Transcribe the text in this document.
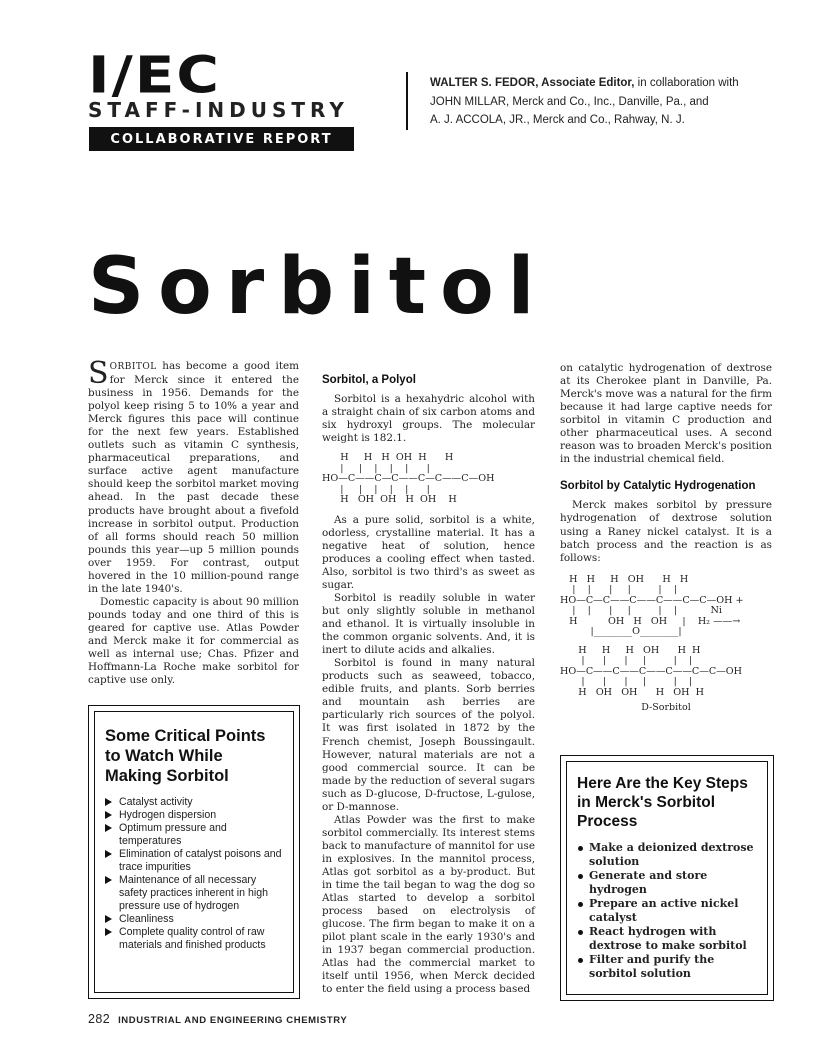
I/EC
STAFF-INDUSTRY
COLLABORATIVE REPORT
WALTER S. FEDOR, Associate Editor, in collaboration with
JOHN MILLAR, Merck and Co., Inc., Danville, Pa., and
A. J. ACCOLA, JR., Merck and Co., Rahway, N. J.
Sorbitol

SORBITOL has become a good item for Merck since it entered the business in 1956. Demands for the polyol keep rising 5 to 10% a year and Merck figures this pace will continue for the next few years. Established outlets such as vitamin C synthesis, pharmaceutical preparations, and surface active agent manufacture should keep the sorbitol market moving ahead. In the past decade these products have brought about a fivefold increase in sorbitol output. Production of all forms should reach 50 million pounds this year—up 5 million pounds over 1959. For contrast, output hovered in the 10 million-pound range in the late 1940's.

Domestic capacity is about 90 million pounds today and one third of this is geared for captive use. Atlas Powder and Merck make it for commercial as well as internal use; Chas. Pfizer and Hoffmann-La Roche make sorbitol for captive use only.

Some Critical Points to Watch While Making Sorbitol
Catalyst activity
Hydrogen dispersion
Optimum pressure and temperatures
Elimination of catalyst poisons and trace impurities
Maintenance of all necessary safety practices inherent in high pressure use of hydrogen
Cleanliness
Complete quality control of raw materials and finished products
Sorbitol, a Polyol

Sorbitol is a hexahydric alcohol with a straight chain of six carbon atoms and six hydroxyl groups. The molecular weight is 182.1.

H     H   H  OH  H      H
|     |    |    |    |      |
HO—C——C—C——C—C——C—OH
|     |    |    |    |      |
H   OH  OH   H  OH    H

As a pure solid, sorbitol is a white, odorless, crystalline material. It has a negative heat of solution, hence produces a cooling effect when tasted. Also, sorbitol is two third's as sweet as sugar.

Sorbitol is readily soluble in water but only slightly soluble in methanol and ethanol. It is virtually insoluble in the common organic solvents. And, it is inert to dilute acids and alkalies.

Sorbitol is found in many natural products such as seaweed, tobacco, edible fruits, and plants. Sorb berries and mountain ash berries are particularly rich sources of the polyol. It was first isolated in 1872 by the French chemist, Joseph Boussingault. However, natural materials are not a good commercial source. It can be made by the reduction of several sugars such as D-glucose, D-fructose, L-gulose, or D-mannose.

Atlas Powder was the first to make sorbitol commercially. Its interest stems back to manufacture of mannitol for use in explosives. In the mannitol process, Atlas got sorbitol as a by-product. But in time the tail began to wag the dog so Atlas started to develop a sorbitol process based on electrolysis of glucose. The firm began to make it on a pilot plant scale in the early 1930's and in 1937 began commercial production. Atlas had the commercial market to itself until 1956, when Merck decided to enter the field using a process based

on catalytic hydrogenation of dextrose at its Cherokee plant in Danville, Pa. Merck's move was a natural for the firm because it had large captive needs for sorbitol in vitamin C production and other pharmaceutical uses. A second reason was to broaden Merck's position in the industrial chemical field.

Sorbitol by Catalytic Hydrogenation

Merck makes sorbitol by pressure hydrogenation of dextrose solution using a Raney nickel catalyst. It is a batch process and the reaction is as follows:

H   H     H   OH      H   H
|    |      |     |         |    |
HO—C—C——C——C——C—C—OH +
|    |      |     |         |    |           Ni
H          OH   H   OH     |    H₂ ——→
|________O________|
H     H     H   OH      H  H
|      |      |     |         |    |
HO—C——C——C——C——C—C—OH
|      |      |     |         |    |
H   OH   OH      H   OH  H
D-Sorbitol
Here Are the Key Steps in Merck's Sorbitol Process
Make a deionized dextrose solution
Generate and store hydrogen
Prepare an active nickel catalyst
React hydrogen with dextrose to make sorbitol
Filter and purify the sorbitol solution
282 INDUSTRIAL AND ENGINEERING CHEMISTRY
